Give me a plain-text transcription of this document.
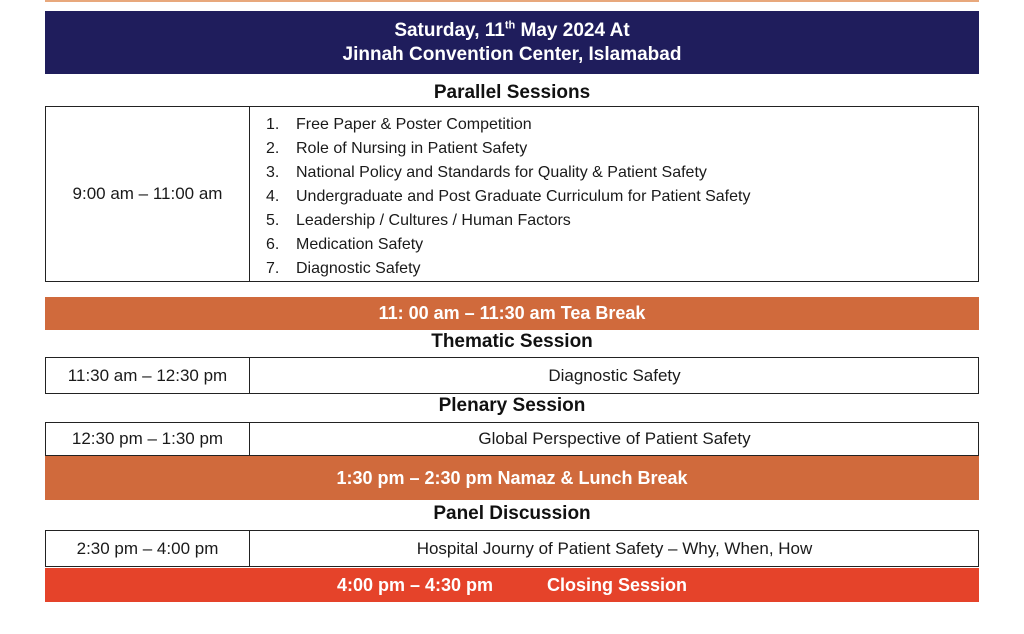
Saturday, 11th May 2024 At
Jinnah Convention Center, Islamabad
Parallel Sessions
9:00 am – 11:00 am
1.	Free Paper & Poster Competition
2.	Role of Nursing in Patient Safety
3.	National Policy and Standards for Quality & Patient Safety
4.	Undergraduate and Post Graduate Curriculum for Patient Safety
5.	Leadership / Cultures / Human Factors
6.	Medication Safety
7.	Diagnostic Safety
11: 00 am – 11:30 am Tea Break
Thematic Session
11:30 am – 12:30 pm	Diagnostic Safety
Plenary Session
12:30 pm – 1:30 pm	Global Perspective of Patient Safety
1:30 pm – 2:30 pm Namaz & Lunch Break
Panel Discussion
2:30 pm – 4:00 pm	Hospital Journy of Patient Safety – Why, When, How
4:00 pm – 4:30 pm	Closing Session
